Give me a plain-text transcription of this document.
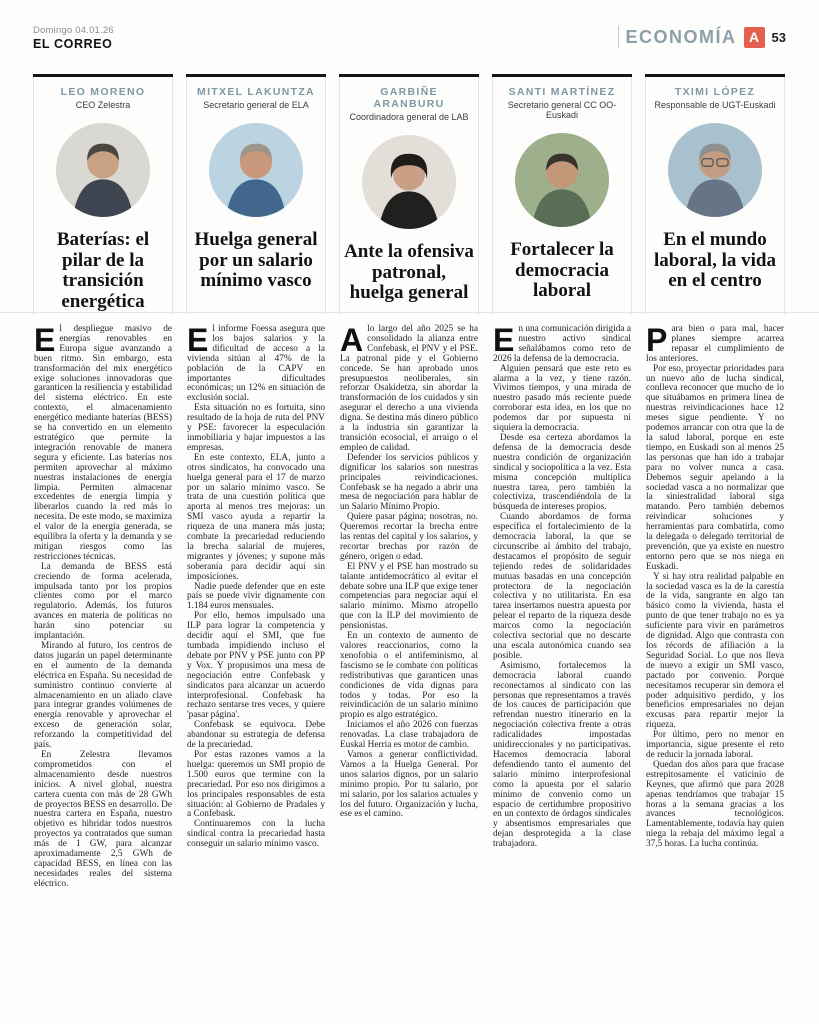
Domingo 04.01.26
EL CORREO	ECONOMÍA A 53
LEO MORENO
CEO Zelestra
Baterías: el pilar de la transición energética

El despliegue masivo de energías renovables en Europa sigue avanzando a buen ritmo. Sin embargo, esta transformación del mix energético exige soluciones innovadoras que garanticen la resiliencia y estabilidad del sistema eléctrico. En este contexto, el almacenamiento energético mediante baterías (BESS) se ha convertido en un elemento estratégico que permite la integración renovable de manera segura y eficiente. Las baterías nos permiten aprovechar al máximo nuestras instalaciones de energía limpia. Permiten almacenar excedentes de energía limpia y liberarlos cuando la red más lo necesita. De este modo, se maximiza el valor de la energía generada, se equilibra la oferta y la demanda y se mitigan riesgos como las restricciones técnicas.

La demanda de BESS está creciendo de forma acelerada, impulsada tanto por los propios clientes como por el marco regulatorio. Además, los futuros avances en materia de políticas no harán sino potenciar su implantación.

Mirando al futuro, los centros de datos jugarán un papel determinante en el aumento de la demanda eléctrica en España. Su necesidad de suministro continuo convierte al almacenamiento en un aliado clave para integrar grandes volúmenes de energía renovable y aprovechar el exceso de generación solar, reforzando la competitividad del país.

En Zelestra llevamos comprometidos con el almacenamiento desde nuestros inicios. A nivel global, nuestra cartera cuenta con más de 28 GWh de proyectos BESS en desarrollo. De nuestra cartera en España, nuestro objetivo es hibridar todos nuestros proyectos ya contratados que suman más de 1 GW, para alcanzar aproximadamente 2,5 GWh de capacidad BESS, en línea con las necesidades reales del sistema eléctrico.

MITXEL LAKUNTZA
Secretario general de ELA
Huelga general por un salario mínimo vasco

El informe Foessa asegura que los bajos salarios y la dificultad de acceso a la vivienda sitúan al 47% de la población de la CAPV en importantes dificultades económicas; un 12% en situación de exclusión social.

Esta situación no es fortuita, sino resultado de la hoja de ruta del PNV y PSE: favorecer la especulación inmobiliaria y bajar impuestos a las empresas.

En este contexto, ELA, junto a otros sindicatos, ha convocado una huelga general para el 17 de marzo por un salario mínimo vasco. Se trata de una cuestión política que aporta al menos tres mejoras: un SMI vasco ayuda a repartir la riqueza de una manera más justa; combate la precariedad reduciendo la brecha salarial de mujeres, migrantes y jóvenes; y supone más soberanía para decidir aquí sin imposiciones.

Nadie puede defender que en este país se puede vivir dignamente con 1.184 euros mensuales.

Por ello, hemos impulsado una ILP para lograr la competencia y decidir aquí el SMI, que fue tumbada impidiendo incluso el debate por PNV y PSE junto con PP y Vox. Y propusimos una mesa de negociación entre Confebask y sindicatos para alcanzar un acuerdo interprofesional. Confebask ha rechazo sentarse tres veces, y quiere 'pasar página'.

Confebask se equivoca. Debe abandonar su estrategia de defensa de la precariedad.

Por estas razones vamos a la huelga: queremos un SMI propio de 1.500 euros que termine con la precariedad. Por eso nos dirigimos a los principales responsables de esta situación: al Gobierno de Pradales y a Confebask.

Continuaremos con la lucha sindical contra la precariedad hasta conseguir un salario mínimo vasco.

GARBIÑE ARANBURU
Coordinadora general de LAB
Ante la ofensiva patronal, huelga general

Alo largo del año 2025 se ha consolidado la alianza entre Confebask, el PNV y el PSE. La patronal pide y el Gobierno concede. Se han aprobado unos presupuestos neoliberales, sin reforzar Osakidetza, sin abordar la transformación de los cuidados y sin asegurar el derecho a una vivienda digna. Se destina más dinero público a la industria sin garantizar la transición ecosocial, el arraigo o el empleo de calidad.

Defender los servicios públicos y dignificar los salarios son nuestras principales reivindicaciones. Confebask se ha negado a abrir una mesa de negociación para hablar de un Salario Mínimo Propio.

Quiere pasar página; nosotras, no. Queremos recortar la brecha entre las rentas del capital y los salarios, y recortar brechas por razón de género, origen o edad.

El PNV y el PSE han mostrado su talante antidemocrático al evitar el debate sobre una ILP que exige tener competencias para negociar aquí el salario mínimo. Mismo atropello que con la ILP del movimiento de pensionistas.

En un contexto de aumento de valores reaccionarios, como la xenofobia o el antifeminismo, al fascismo se le combate con políticas redistributivas que garanticen unas condiciones de vida dignas para todos y todas. Por eso la reivindicación de un salario mínimo propio es algo estratégico.

Iniciamos el año 2026 con fuerzas renovadas. La clase trabajadora de Euskal Herria es motor de cambio.

Vamos a generar conflictividad. Vamos a la Huelga General. Por unos salarios dignos, por un salario mínimo propio. Por tu salario, por mi salario, por los salarios actuales y los del futuro. Organización y lucha, ese es el camino.

SANTI MARTÍNEZ
Secretario general CC OO-Euskadi
Fortalecer la democracia laboral

En una comunicación dirigida a nuestro activo sindical señalábamos como reto de 2026 la defensa de la democracia.

Alguien pensará que este reto es alarma a la vez, y tiene razón. Vivimos tiempos, y una mirada de nuestro pasado más reciente puede corroborar esta idea, en los que no podemos dar por supuesta ni siquiera la democracia.

Desde esa certeza abordamos la defensa de la democracia desde nuestra condición de organización sindical y sociopolítica a la vez. Esta misma concepción multiplica nuestra tarea, pero también la colectiviza, trascendiéndola de la búsqueda de intereses propios.

Cuando abordamos de forma específica el fortalecimiento de la democracia laboral, la que se circunscribe al ámbito del trabajo, destacamos el propósito de seguir tejiendo redes de solidaridades mutuas basadas en una concepción protectora de la negociación colectiva y no utilitarista. En esa tarea insertamos nuestra apuesta por pelear el reparto de la riqueza desde marcos como la negociación colectiva sectorial que no descarte una escala autonómica cuando sea posible.

Asimismo, fortalecemos la democracia laboral cuando reconectamos al sindicato con las personas que representamos a través de los cauces de participación que refrendan nuestro itinerario en la negociación colectiva frente a otras radicalidades impostadas unidireccionales y no participativas. Hacemos democracia laboral defendiendo tanto el aumento del salario mínimo interprofesional como la apuesta por el salario mínimo de convenio como un espacio de certidumbre propositivo en un contexto de órdagos sindicales y absentismos empresariales que dejan desprotegida a la clase trabajadora.

TXIMI LÓPEZ
Responsable de UGT-Euskadi
En el mundo laboral, la vida en el centro

Para bien o para mal, hacer planes siempre acarrea repasar el cumplimiento de los anteriores.

Por eso, proyectar prioridades para un nuevo año de lucha sindical, conlleva reconocer que mucho de lo que situábamos en primera línea de nuestras reivindicaciones hace 12 meses sigue pendiente. Y no podemos arrancar con otra que la de la salud laboral, porque en este tiempo, en Euskadi son al menos 25 las personas que han ido a trabajar para no volver nunca a casa. Debemos seguir apelando a la sociedad vasca a no normalizar que la siniestralidad laboral siga matando. Pero también debemos reivindicar soluciones y herramientas para combatirla, como la delegada o delegado territorial de prevención, que ya existe en nuestro entorno pero que se nos niega en Euskadi.

Y si hay otra realidad palpable en la sociedad vasca es la de la carestía de la vida, sangrante en algo tan básico como la vivienda, hasta el punto de que tener trabajo no es ya suficiente para vivir en parámetros de dignidad. Algo que contrasta con los récords de afiliación a la Seguridad Social. Lo que nos lleva de nuevo a exigir un SMI vasco, pactado por convenio. Porque necesitamos recuperar sin demora el poder adquisitivo perdido, y los beneficios empresariales no dejan excusas para repartir mejor la riqueza.

Por último, pero no menor en importancia, sigue presente el reto de reducir la jornada laboral.

Quedan dos años para que fracase estrepitosamente el vaticinio de Keynes, que afirmó que para 2028 apenas tendríamos que trabajar 15 horas a la semana gracias a los avances tecnológicos. Lamentablemente, todavía hay quien niega la rebaja del máximo legal a 37,5 horas. La lucha continúa.
